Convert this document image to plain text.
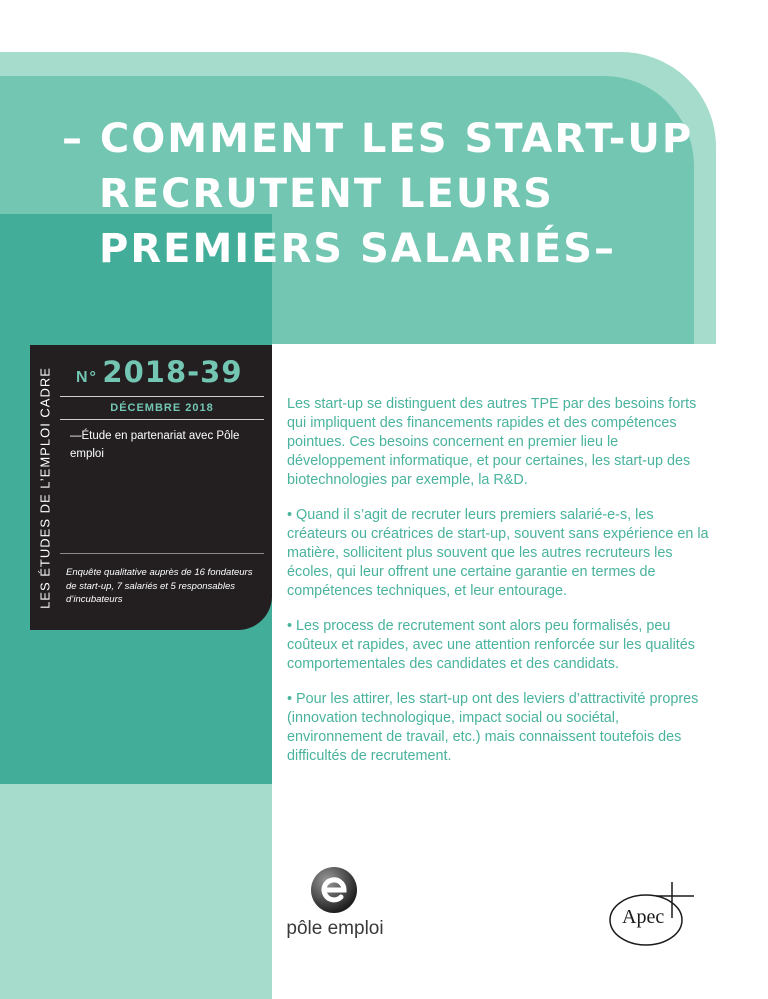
– COMMENT LES START-UP
RECRUTENT LEURS
PREMIERS SALARIÉS–
LES ÉTUDES DE L’EMPLOI CADRE N° 2018-39
DÉCEMBRE 2018
—Étude en partenariat avec Pôle emploi
Enquête qualitative auprès de 16 fondateurs de start-up, 7 salariés et 5 responsables d’incubateurs

Les start-up se distinguent des autres TPE par des besoins forts qui impliquent des financements rapides et des compétences pointues. Ces besoins concernent en premier lieu le développement informatique, et pour certaines, les start-up des biotechnologies par exemple, la R&D.

• Quand il s’agit de recruter leurs premiers salarié-e-s, les créateurs ou créatrices de start-up, souvent sans expérience en la matière, sollicitent plus souvent que les autres recruteurs les écoles, qui leur offrent une certaine garantie en termes de compétences techniques, et leur entourage.

• Les process de recrutement sont alors peu formalisés, peu coûteux et rapides, avec une attention renforcée sur les qualités comportementales des candidates et des candidats.

• Pour les attirer, les start-up ont des leviers d’attractivité propres (innovation technologique, impact social ou sociétal, environnement de travail, etc.) mais connaissent toutefois des difficultés de recrutement.

pôle emploi
Apec
